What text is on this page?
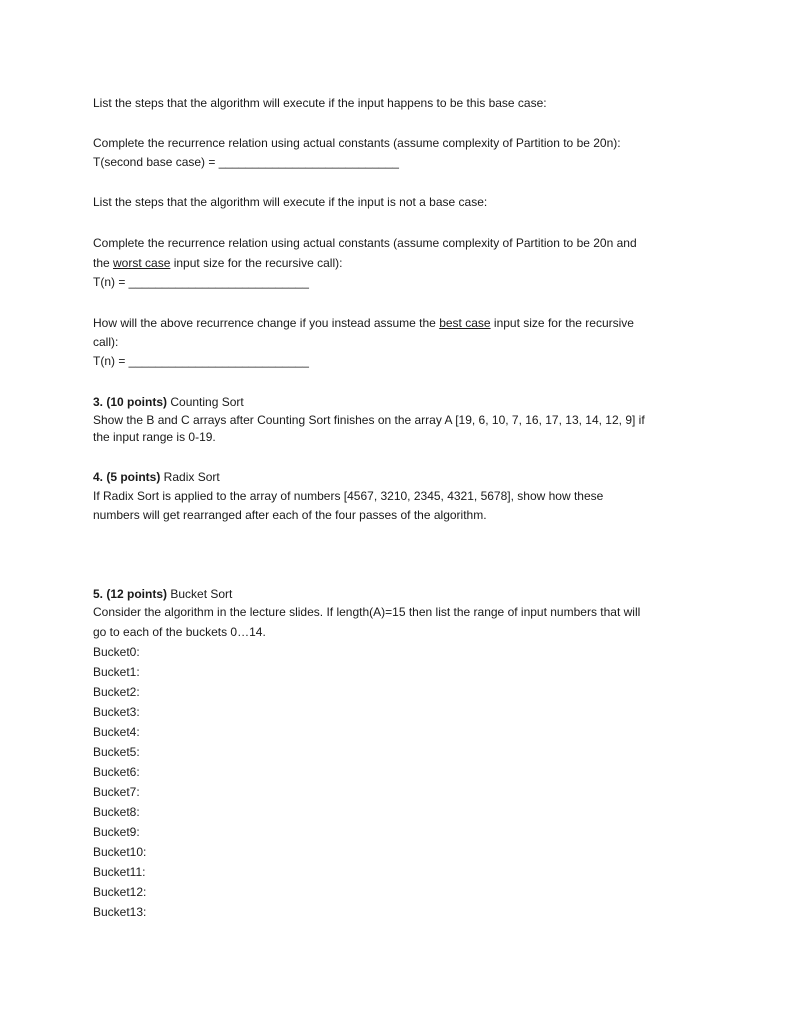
List the steps that the algorithm will execute if the input happens to be this base case:
Complete the recurrence relation using actual constants (assume complexity of Partition to be 20n):
T(second base case) = ___________________________
List the steps that the algorithm will execute if the input is not a base case:
Complete the recurrence relation using actual constants (assume complexity of Partition to be 20n and
the worst case input size for the recursive call):
T(n) = ___________________________
How will the above recurrence change if you instead assume the best case input size for the recursive
call):
T(n) = ___________________________
3. (10 points) Counting Sort
Show the B and C arrays after Counting Sort finishes on the array A [19, 6, 10, 7, 16, 17, 13, 14, 12, 9] if
the input range is 0-19.
4. (5 points) Radix Sort
If Radix Sort is applied to the array of numbers [4567, 3210, 2345, 4321, 5678], show how these
numbers will get rearranged after each of the four passes of the algorithm.
5. (12 points) Bucket Sort
Consider the algorithm in the lecture slides. If length(A)=15 then list the range of input numbers that will
go to each of the buckets 0…14.
Bucket0:
Bucket1:
Bucket2:
Bucket3:
Bucket4:
Bucket5:
Bucket6:
Bucket7:
Bucket8:
Bucket9:
Bucket10:
Bucket11:
Bucket12:
Bucket13:
